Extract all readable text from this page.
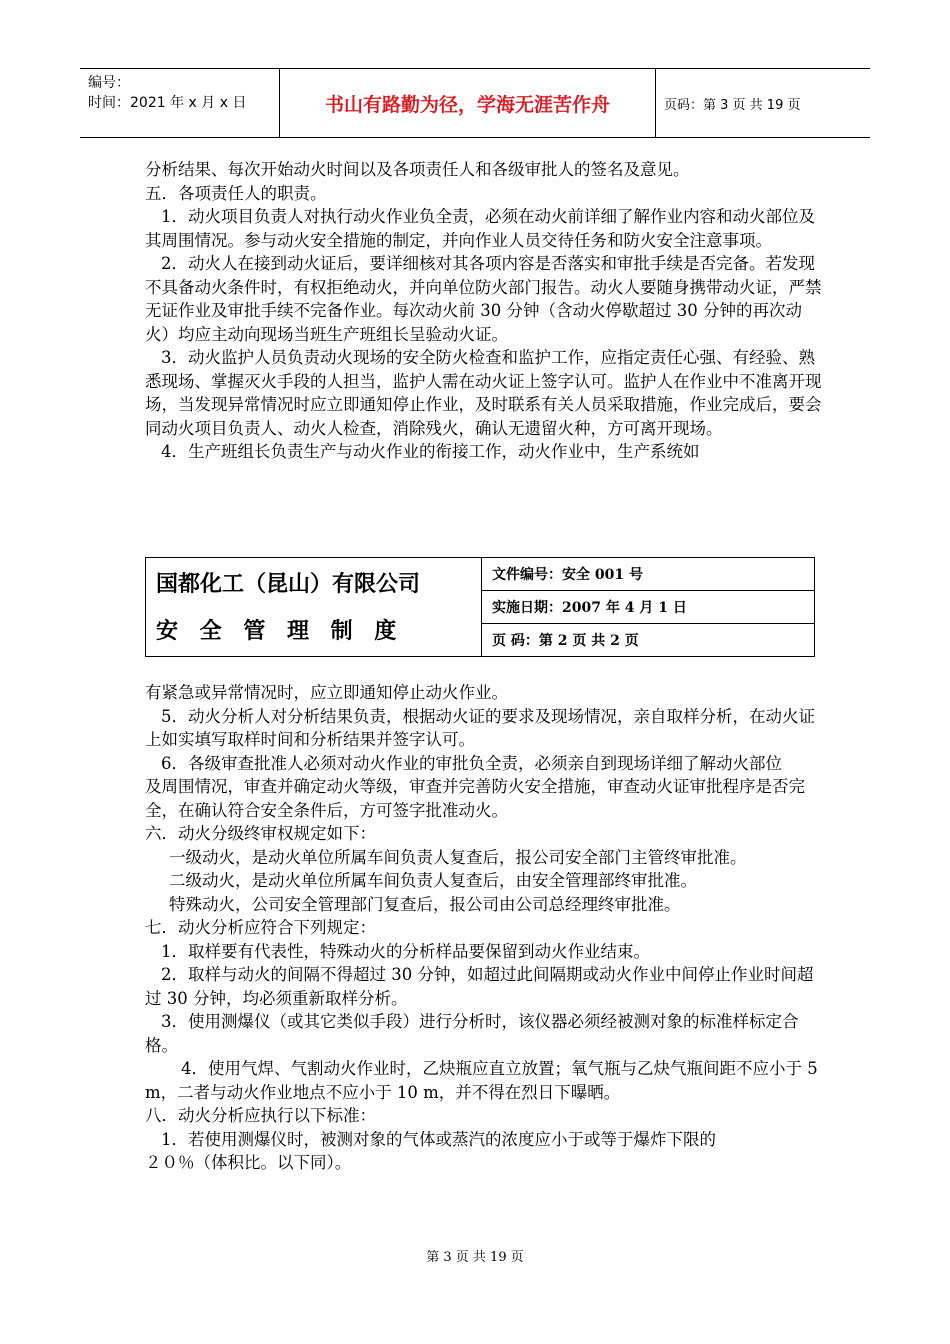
编号：
时间：2021 年 x 月 x 日	书山有路勤为径，学海无涯苦作舟	页码：第 3 页 共 19 页

分析结果、每次开始动火时间以及各项责任人和各级审批人的签名及意见。

五．各项责任人的职责。

1．动火项目负责人对执行动火作业负全责，必须在动火前详细了解作业内容和动火部位及其周围情况。参与动火安全措施的制定，并向作业人员交待任务和防火安全注意事项。

2．动火人在接到动火证后，要详细核对其各项内容是否落实和审批手续是否完备。若发现不具备动火条件时，有权拒绝动火，并向单位防火部门报告。动火人要随身携带动火证，严禁无证作业及审批手续不完备作业。每次动火前 30 分钟（含动火停歇超过 30 分钟的再次动火）均应主动向现场当班生产班组长呈验动火证。

3．动火监护人员负责动火现场的安全防火检查和监护工作，应指定责任心强、有经验、熟悉现场、掌握灭火手段的人担当，监护人需在动火证上签字认可。监护人在作业中不准离开现场，当发现异常情况时应立即通知停止作业，及时联系有关人员采取措施，作业完成后，要会同动火项目负责人、动火人检查，消除残火，确认无遗留火种，方可离开现场。

4．生产班组长负责生产与动火作业的衔接工作，动火作业中，生产系统如

国都化工（昆山）有限公司
安 全 管 理 制 度
文件编号：安全 001 号
实施日期：2007 年 4 月 1 日
页 码：第 2 页 共 2 页

有紧急或异常情况时，应立即通知停止动火作业。

5．动火分析人对分析结果负责，根据动火证的要求及现场情况，亲自取样分析，在动火证上如实填写取样时间和分析结果并签字认可。

6．各级审查批准人必须对动火作业的审批负全责，必须亲自到现场详细了解动火部位

及周围情况，审查并确定动火等级，审查并完善防火安全措施，审查动火证审批程序是否完全，在确认符合安全条件后，方可签字批准动火。

六．动火分级终审权规定如下：

一级动火，是动火单位所属车间负责人复查后，报公司安全部门主管终审批准。

二级动火，是动火单位所属车间负责人复查后，由安全管理部终审批准。

特殊动火，公司安全管理部门复查后，报公司由公司总经理终审批准。

七．动火分析应符合下列规定：

1．取样要有代表性，特殊动火的分析样品要保留到动火作业结束。

2．取样与动火的间隔不得超过 30 分钟，如超过此间隔期或动火作业中间停止作业时间超过 30 分钟，均必须重新取样分析。

3．使用测爆仪（或其它类似手段）进行分析时，该仪器必须经被测对象的标准样标定合格。

4．使用气焊、气割动火作业时，乙炔瓶应直立放置；氧气瓶与乙炔气瓶间距不应小于 5 m，二者与动火作业地点不应小于 10 m，并不得在烈日下曝晒。

八．动火分析应执行以下标准：

1．若使用测爆仪时，被测对象的气体或蒸汽的浓度应小于或等于爆炸下限的

２０％（体积比。以下同）。

第 3 页 共 19 页
